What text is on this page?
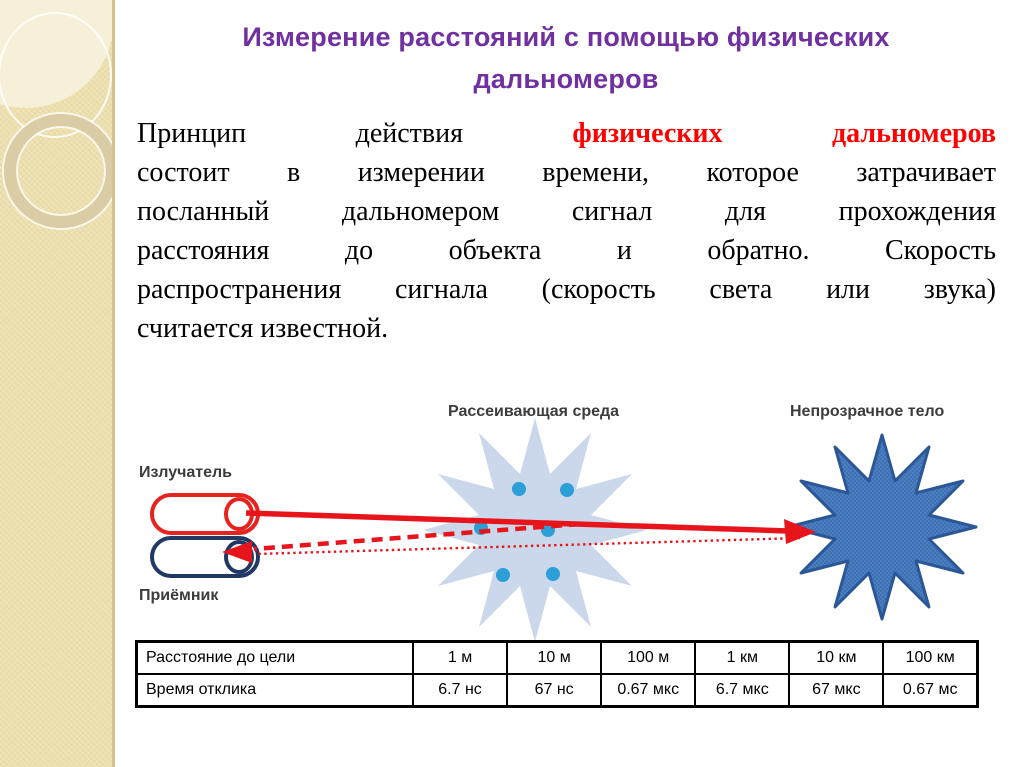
Измерение расстояний с помощью физических
дальномеров
Принцип	действия	физических дальномеров
состоит в измерении времени, которое затрачивает
посланный дальномером сигнал для прохождения
расстояния до объекта и обратно. Скорость
распространения сигнала (скорость света или звука)
считается известной.
Рассеивающая среда	Непрозрачное тело
Излучатель
Приёмник
Расстояние до цели	1 м	10 м	100 м	1 км	10 км	100 км
Время отклика	6.7 нс	67 нс	0.67 мкс	6.7 мкс	67 мкс	0.67 мс
